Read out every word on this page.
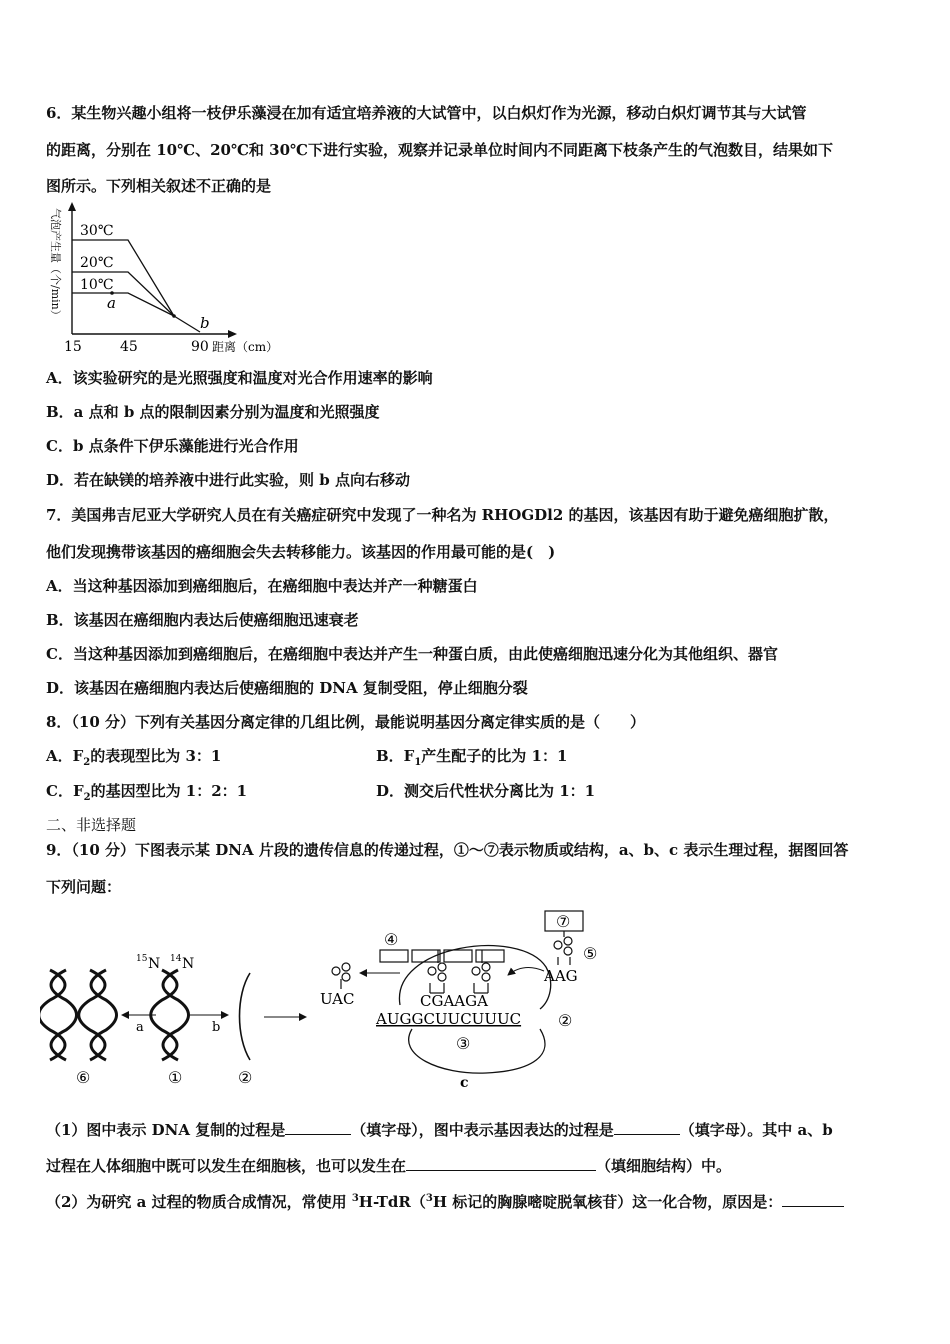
6．某生物兴趣小组将一枝伊乐藻浸在加有适宜培养液的大试管中，以白炽灯作为光源，移动白炽灯调节其与大试管
的距离，分别在 10℃、20℃和 30℃下进行实验，观察并记录单位时间内不同距离下枝条产生的气泡数目，结果如下
图所示。下列相关叙述不正确的是
气泡产生量（个/min） 30℃
20℃
10℃
a
b
15	45	90 距离（cm）
A．该实验研究的是光照强度和温度对光合作用速率的影响
B．a 点和 b 点的限制因素分别为温度和光照强度
C．b 点条件下伊乐藻能进行光合作用
D．若在缺镁的培养液中进行此实验，则 b 点向右移动
7．美国弗吉尼亚大学研究人员在有关癌症研究中发现了一种名为 RHOGDl2 的基因，该基因有助于避免癌细胞扩散，
他们发现携带该基因的癌细胞会失去转移能力。该基因的作用最可能的是(　)
A．当这种基因添加到癌细胞后，在癌细胞中表达并产一种糖蛋白
B．该基因在癌细胞内表达后使癌细胞迅速衰老
C．当这种基因添加到癌细胞后，在癌细胞中表达并产生一种蛋白质，由此使癌细胞迅速分化为其他组织、器官
D．该基因在癌细胞内表达后使癌细胞的 DNA 复制受阻，停止细胞分裂
8．（10 分）下列有关基因分离定律的几组比例，最能说明基因分离定律实质的是（　　）
A．$F_2$的表现型比为 3：1	B．$F_1$产生配子的比为 1：1
C．$F_2$的基因型比为 1：2：1	D．测交后代性状分离比为 1：1
二、非选择题
9．（10 分）下图表示某 DNA 片段的遗传信息的传递过程，①～⑦表示物质或结构，a、b、c 表示生理过程，据图回答
下列问题：
15 N 14 N
a	b
⑥	①	②
UAC
④
⑦
⑤
AAG
CGAAGA
AUGGCUUCUUUC ②
③
c
（1）图中表示 DNA 复制的过程是	（填字母），图中表示基因表达的过程是	（填字母）。其中 a、b
过程在人体细胞中既可以发生在细胞核，也可以发生在	（填细胞结构）中。
（2）为研究 a 过程的物质合成情况，常使用 $^3$H-TdR（$^3$H 标记的胸腺嘧啶脱氧核苷）这一化合物，原因是：
